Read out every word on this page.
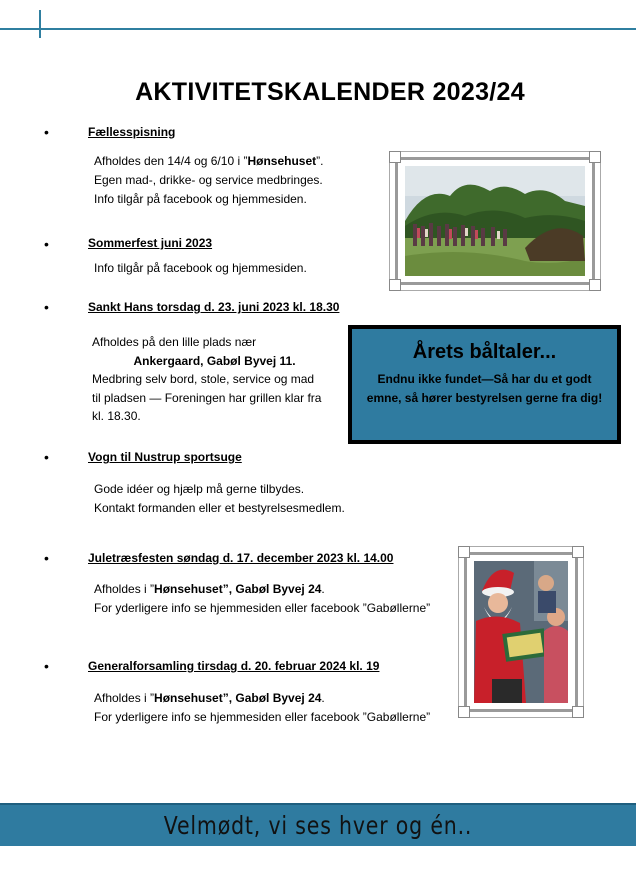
AKTIVITETSKALENDER 2023/24
•	Fællesspisning
Afholdes den 14/4 og 6/10 i ”Hønsehuset”.
Egen mad-, drikke- og service medbringes.
Info tilgår på facebook og hjemmesiden.
•	Sommerfest juni 2023
Info tilgår på facebook og hjemmesiden.
•	Sankt Hans torsdag d. 23. juni 2023 kl. 18.30
Afholdes på den lille plads nær

Ankergaard, Gabøl Byvej 11.
Medbring selv bord, stole, service og mad
til pladsen — Foreningen har grillen klar fra
kl. 18.30.
•	Vogn til Nustrup sportsuge
Gode idéer og hjælp må gerne tilbydes.
Kontakt formanden eller et bestyrelsesmedlem.
•	Juletræsfesten søndag d. 17. december 2023 kl. 14.00
Afholdes i ”Hønsehuset”, Gabøl Byvej 24.
For yderligere info se hjemmesiden eller facebook ”Gabøllerne”
•	Generalforsamling tirsdag d. 20. februar 2024 kl. 19
Afholdes i ”Hønsehuset”, Gabøl Byvej 24.
For yderligere info se hjemmesiden eller facebook ”Gabøllerne”
Årets båltaler...
Endnu ikke fundet—Så har du et godt emne, så hører bestyrelsen gerne fra dig!
Velmødt, vi ses hver og én..
